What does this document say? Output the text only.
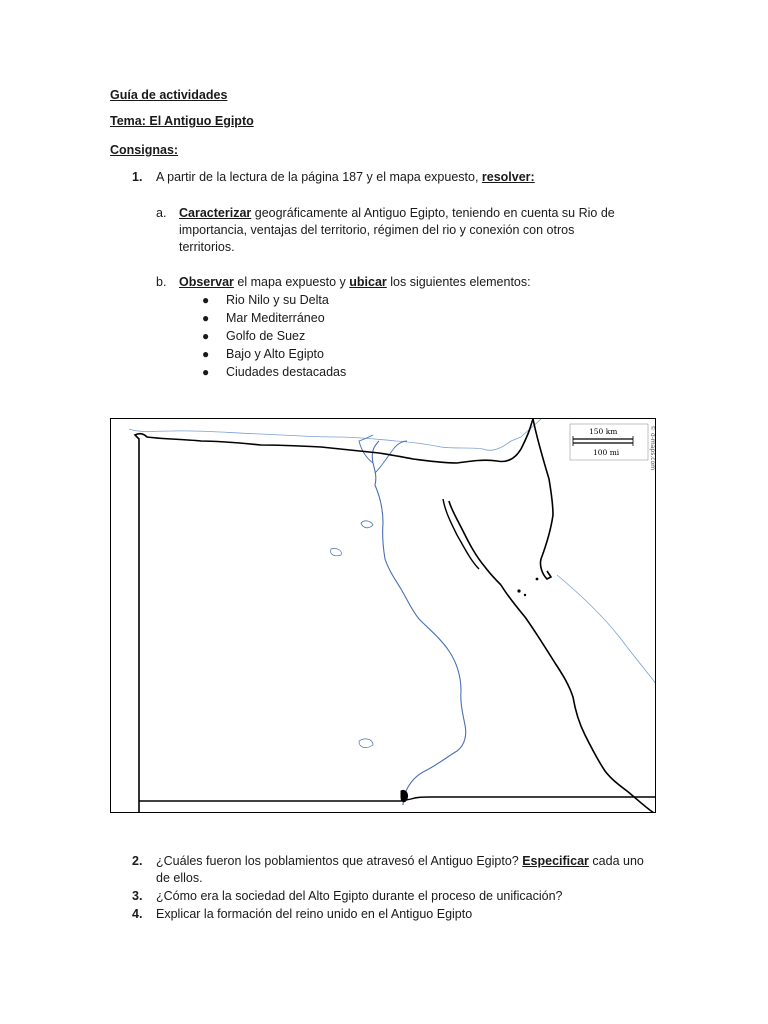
Guía de actividades
Tema: El Antiguo Egipto
Consignas:
1. A partir de la lectura de la página 187 y el mapa expuesto, resolver:
a. Caracterizar geográficamente al Antiguo Egipto, teniendo en cuenta su Rio de
importancia, ventajas del territorio, régimen del rio y conexión con otros
territorios.
b. Observar el mapa expuesto y ubicar los siguientes elementos:
● Rio Nilo y su Delta
● Mar Mediterráneo
● Golfo de Suez
● Bajo y Alto Egipto
● Ciudades destacadas
150 km
100 mi	© d-maps.com
2. ¿Cuáles fueron los poblamientos que atravesó el Antiguo Egipto? Especificar cada uno
de ellos.
3. ¿Cómo era la sociedad del Alto Egipto durante el proceso de unificación?
4. Explicar la formación del reino unido en el Antiguo Egipto
